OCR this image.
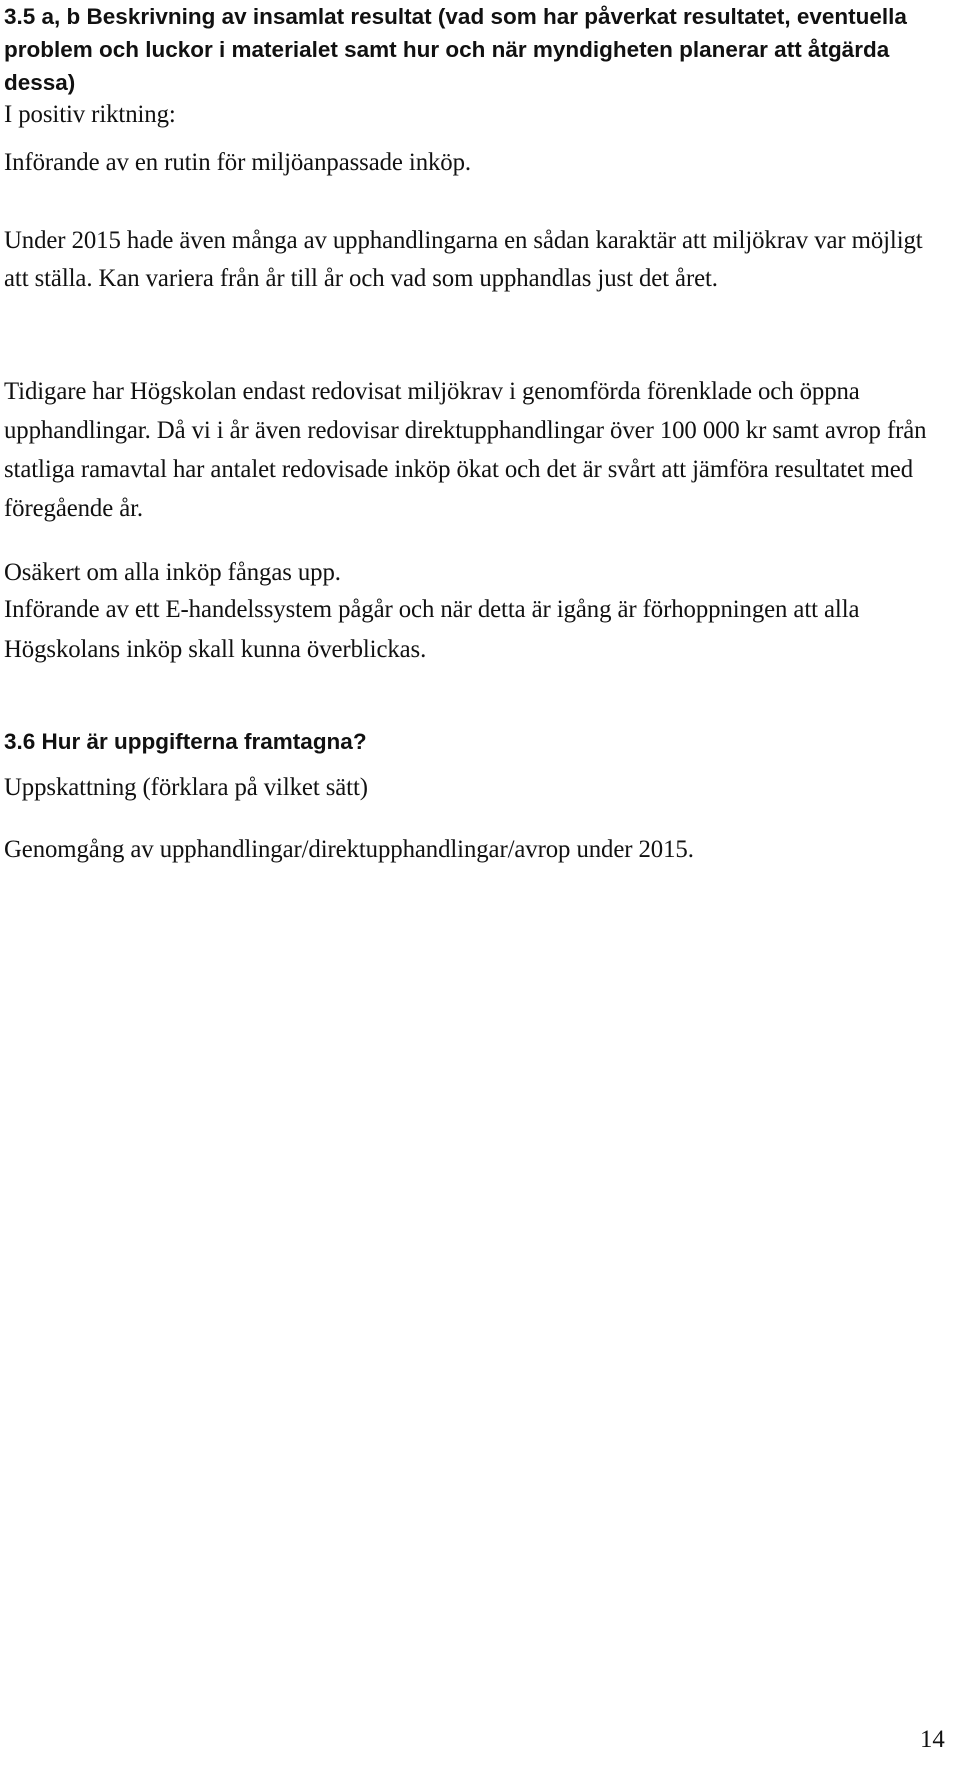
3.5 a, b Beskrivning av insamlat resultat (vad som har påverkat resultatet, eventuella problem och luckor i materialet samt hur och när myndigheten planerar att åtgärda dessa)

I positiv riktning:

Införande av en rutin för miljöanpassade inköp.

Under 2015 hade även många av upphandlingarna en sådan karaktär att miljökrav var möjligt att ställa. Kan variera från år till år och vad som upphandlas just det året.

Tidigare har Högskolan endast redovisat miljökrav i genomförda förenklade och öppna upphandlingar. Då vi i år även redovisar direktupphandlingar över 100 000 kr samt avrop från statliga ramavtal har antalet redovisade inköp ökat och det är svårt att jämföra resultatet med föregående år.

Osäkert om alla inköp fångas upp.

Införande av ett E-handelssystem pågår och när detta är igång är förhoppningen att alla Högskolans inköp skall kunna överblickas.

3.6 Hur är uppgifterna framtagna?

Uppskattning (förklara på vilket sätt)

Genomgång av upphandlingar/direktupphandlingar/avrop under 2015.

14
